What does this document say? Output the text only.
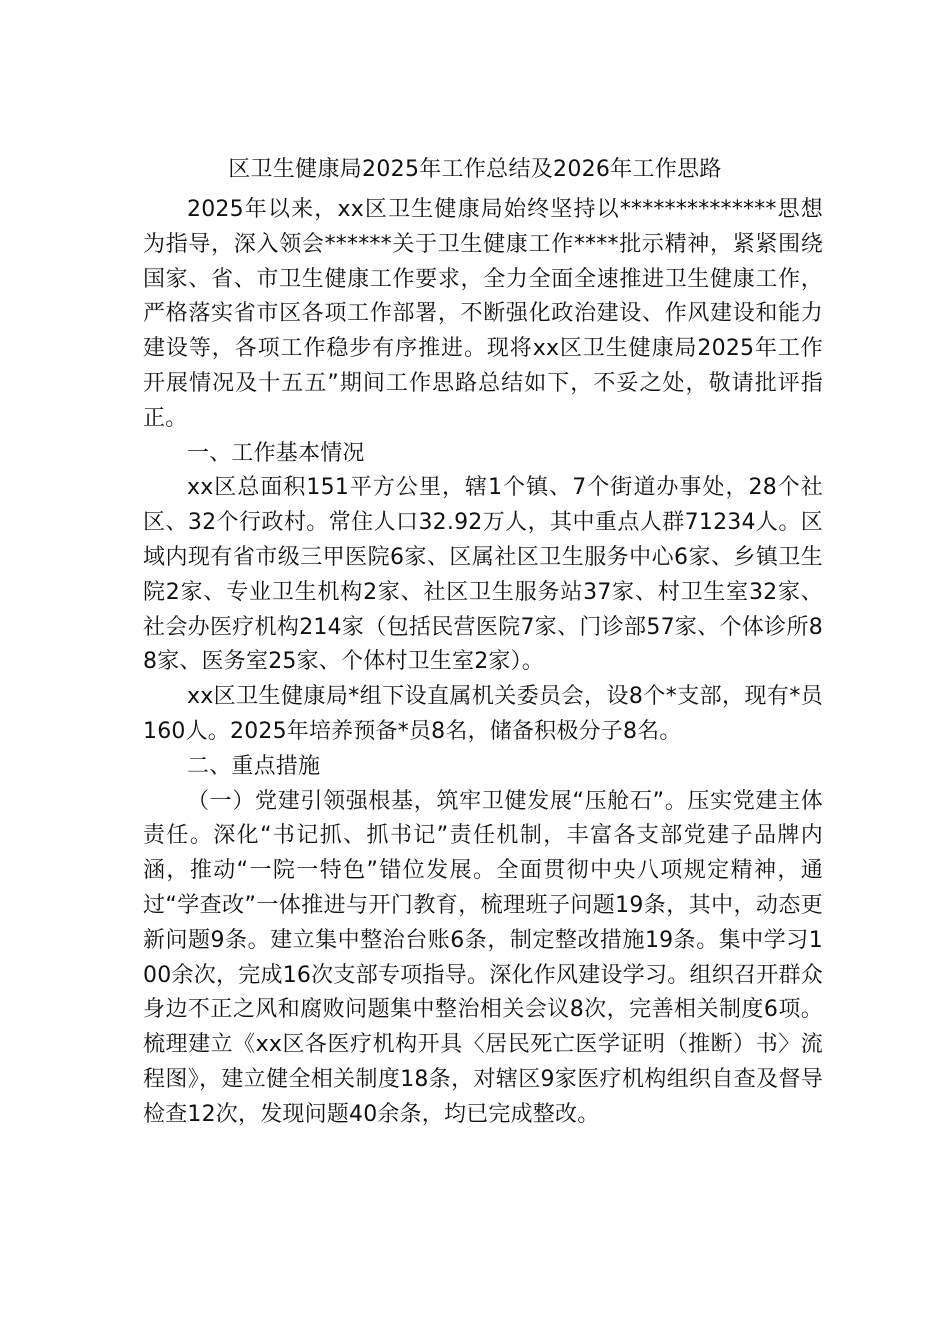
区卫生健康局2025年工作总结及2026年工作思路

2025年以来，xx区卫生健康局始终坚持以**************思想为指导，深入领会******关于卫生健康工作****批示精神，紧紧围绕国家、省、市卫生健康工作要求，全力全面全速推进卫生健康工作，严格落实省市区各项工作部署，不断强化政治建设、作风建设和能力建设等，各项工作稳步有序推进。现将xx区卫生健康局2025年工作开展情况及十五五”期间工作思路总结如下，不妥之处，敬请批评指正。

一、工作基本情况

xx区总面积151平方公里，辖1个镇、7个街道办事处，28个社区、32个行政村。常住人口32.92万人，其中重点人群71234人。区域内现有省市级三甲医院6家、区属社区卫生服务中心6家、乡镇卫生院2家、专业卫生机构2家、社区卫生服务站37家、村卫生室32家、社会办医疗机构214家（包括民营医院7家、门诊部57家、个体诊所88家、医务室25家、个体村卫生室2家）。

xx区卫生健康局*组下设直属机关委员会，设8个*支部，现有*员160人。2025年培养预备*员8名，储备积极分子8名。

二、重点措施

（一）党建引领强根基，筑牢卫健发展“压舱石”。压实党建主体责任。深化“书记抓、抓书记”责任机制，丰富各支部党建子品牌内涵，推动“一院一特色”错位发展。全面贯彻中央八项规定精神，通过“学查改”一体推进与开门教育，梳理班子问题19条，其中，动态更新问题9条。建立集中整治台账6条，制定整改措施19条。集中学习100余次，完成16次支部专项指导。深化作风建设学习。组织召开群众身边不正之风和腐败问题集中整治相关会议8次，完善相关制度6项。梳理建立《xx区各医疗机构开具〈居民死亡医学证明（推断）书〉流程图》，建立健全相关制度18条，对辖区9家医疗机构组织自查及督导检查12次，发现问题40余条，均已完成整改。
